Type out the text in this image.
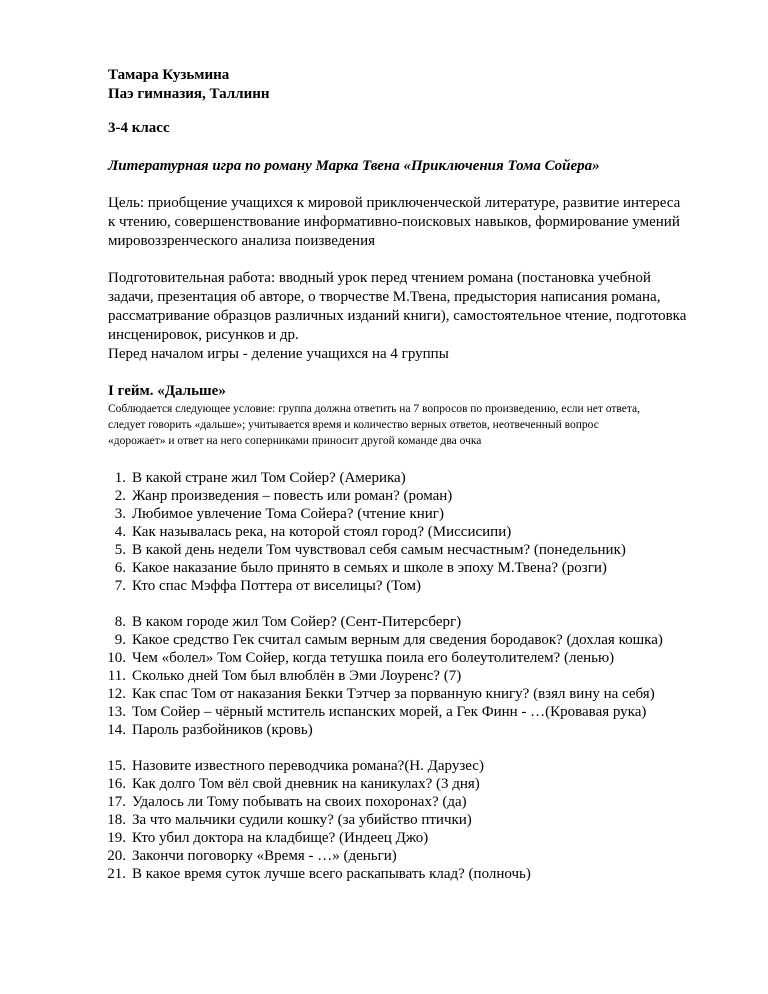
Тамара Кузьмина

Паэ гимназия, Таллинн

3-4 класс

Литературная игра по роману Марка Твена «Приключения Тома Сойера»

Цель: приобщение учащихся к мировой приключенческой литературе, развитие интереса

к чтению, совершенствование информативно-поисковых навыков, формирование умений

мировоззренческого анализа поизведения

Подготовительная работа: вводный урок перед чтением романа (постановка учебной

задачи, презентация об авторе, о творчестве М.Твена, предыстория написания романа,

рассматривание образцов различных изданий книги), самостоятельное чтение, подготовка

инсценировок, рисунков и др.

Перед началом игры - деление учащихся на 4 группы

I гейм. «Дальше»

Соблюдается следующее условие: группа должна ответить на 7 вопросов по произведению, если нет ответа,

следует говорить «дальше»; учитывается время и количество верных ответов, неотвеченный вопрос

«дорожает» и ответ на него соперниками приносит другой команде два очка

1. В какой стране жил Том Сойер? (Америка)
2. Жанр произведения – повесть или роман? (роман)
3. Любимое увлечение Тома Сойера? (чтение книг)
4. Как называлась река, на которой стоял город? (Миссисипи)
5. В какой день недели Том чувствовал себя самым несчастным? (понедельник)
6. Какое наказание было принято в семьях и школе в эпоху М.Твена? (розги)
7. Кто спас Мэффа Поттера от виселицы? (Том)
8. В каком городе жил Том Сойер? (Сент-Питерсберг)
9. Какое средство Гек считал самым верным для сведения бородавок? (дохлая кошка)
10. Чем «болел» Том Сойер, когда тетушка поила его болеутолителем? (ленью)
11. Сколько дней Том был влюблён в Эми Лоуренс? (7)
12. Как спас Том от наказания Бекки Тэтчер за порванную книгу? (взял вину на себя)
13. Том Сойер – чёрный мститель испанских морей, а Гек Финн - …(Кровавая рука)
14. Пароль разбойников (кровь)
15. Назовите известного переводчика романа?(Н. Дарузес)
16. Как долго Том вёл свой дневник на каникулах? (3 дня)
17. Удалось ли Тому побывать на своих похоронах? (да)
18. За что мальчики судили кошку? (за убийство птички)
19. Кто убил доктора на кладбище? (Индеец Джо)
20. Закончи поговорку «Время - …» (деньги)
21. В какое время суток лучше всего раскапывать клад? (полночь)
